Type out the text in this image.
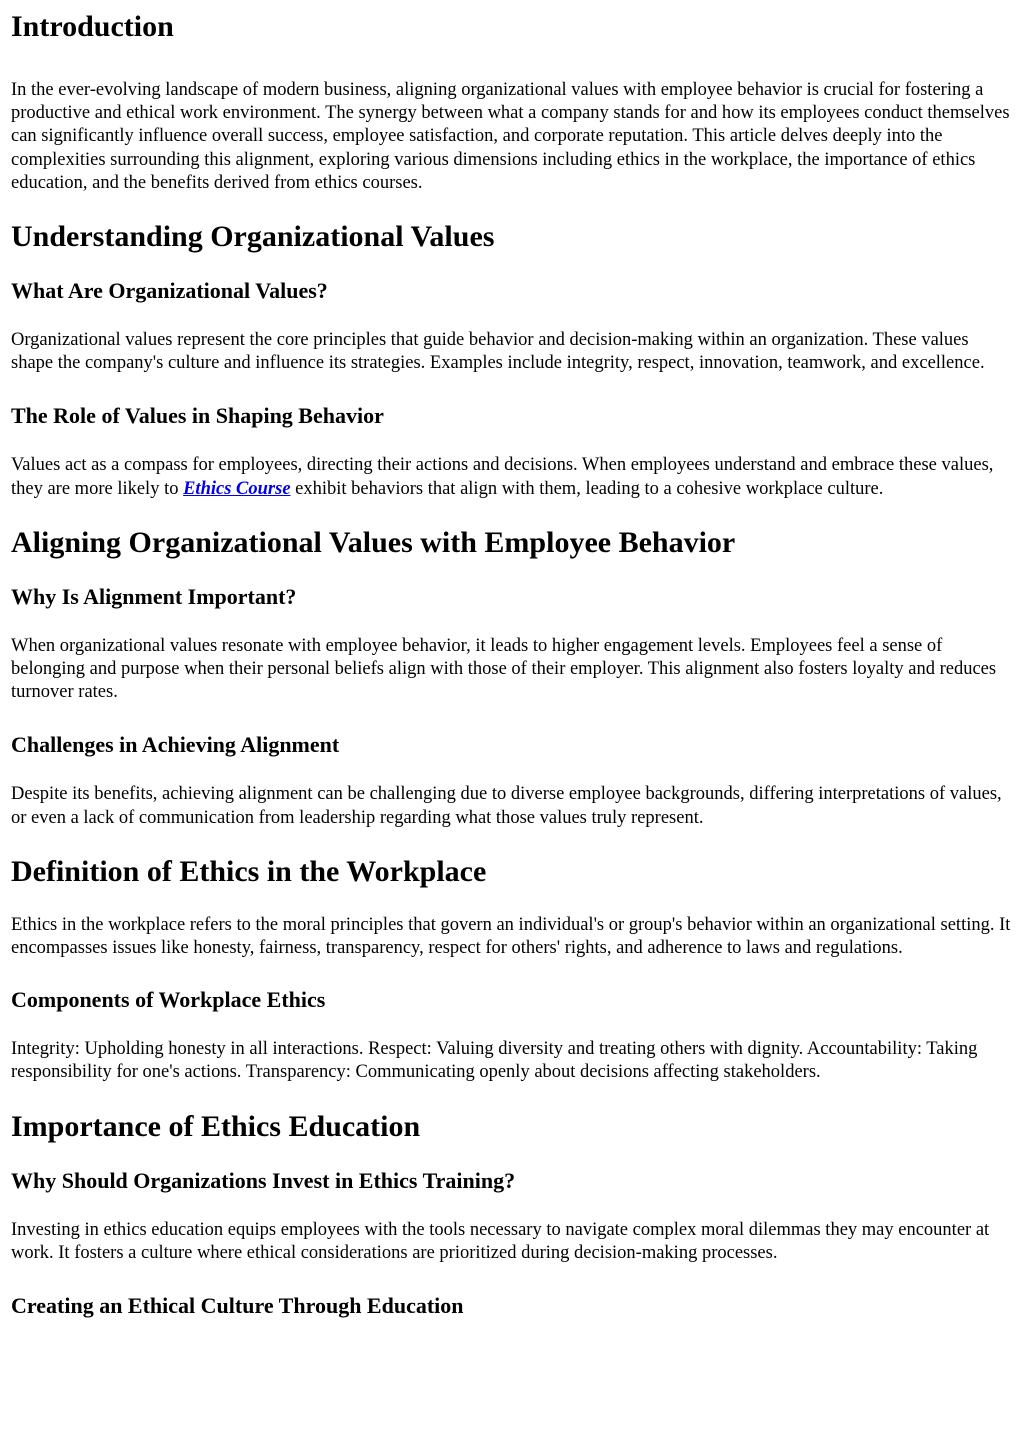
Introduction

In the ever-evolving landscape of modern business, aligning organizational values with employee behavior is crucial for fostering a productive and ethical work environment. The synergy between what a company stands for and how its employees conduct themselves can significantly influence overall success, employee satisfaction, and corporate reputation. This article delves deeply into the complexities surrounding this alignment, exploring various dimensions including ethics in the workplace, the importance of ethics education, and the benefits derived from ethics courses.

Understanding Organizational Values
What Are Organizational Values?

Organizational values represent the core principles that guide behavior and decision-making within an organization. These values shape the company's culture and influence its strategies. Examples include integrity, respect, innovation, teamwork, and excellence.

The Role of Values in Shaping Behavior

Values act as a compass for employees, directing their actions and decisions. When employees understand and embrace these values, they are more likely to Ethics Course exhibit behaviors that align with them, leading to a cohesive workplace culture.

Aligning Organizational Values with Employee Behavior
Why Is Alignment Important?

When organizational values resonate with employee behavior, it leads to higher engagement levels. Employees feel a sense of belonging and purpose when their personal beliefs align with those of their employer. This alignment also fosters loyalty and reduces turnover rates.

Challenges in Achieving Alignment

Despite its benefits, achieving alignment can be challenging due to diverse employee backgrounds, differing interpretations of values, or even a lack of communication from leadership regarding what those values truly represent.

Definition of Ethics in the Workplace

Ethics in the workplace refers to the moral principles that govern an individual's or group's behavior within an organizational setting. It encompasses issues like honesty, fairness, transparency, respect for others' rights, and adherence to laws and regulations.

Components of Workplace Ethics

Integrity: Upholding honesty in all interactions. Respect: Valuing diversity and treating others with dignity. Accountability: Taking responsibility for one's actions. Transparency: Communicating openly about decisions affecting stakeholders.

Importance of Ethics Education
Why Should Organizations Invest in Ethics Training?

Investing in ethics education equips employees with the tools necessary to navigate complex moral dilemmas they may encounter at work. It fosters a culture where ethical considerations are prioritized during decision-making processes.

Creating an Ethical Culture Through Education
